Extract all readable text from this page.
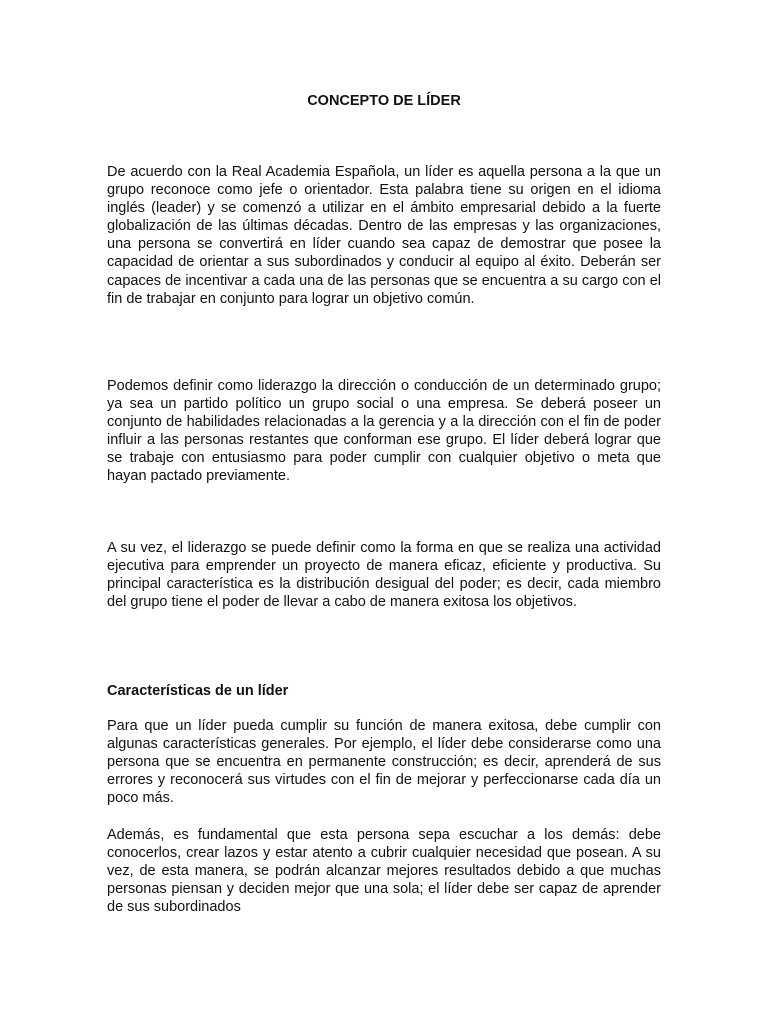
CONCEPTO DE LÍDER

De acuerdo con la Real Academia Española, un líder es aquella persona a la que un grupo reconoce como jefe o orientador. Esta palabra tiene su origen en el idioma inglés (leader) y se comenzó a utilizar en el ámbito empresarial debido a la fuerte globalización de las últimas décadas. Dentro de las empresas y las organizaciones, una persona se convertirá en líder cuando sea capaz de demostrar que posee la capacidad de orientar a sus subordinados y conducir al equipo al éxito. Deberán ser capaces de incentivar a cada una de las personas que se encuentra a su cargo con el fin de trabajar en conjunto para lograr un objetivo común.

Podemos definir como liderazgo la dirección o conducción de un determinado grupo; ya sea un partido político un grupo social o una empresa. Se deberá poseer un conjunto de habilidades relacionadas a la gerencia y a la dirección con el fin de poder influir a las personas restantes que conforman ese grupo. El líder deberá lograr que se trabaje con entusiasmo para poder cumplir con cualquier objetivo o meta que hayan pactado previamente.

A su vez, el liderazgo se puede definir como la forma en que se realiza una actividad ejecutiva para emprender un proyecto de manera eficaz, eficiente y productiva. Su principal característica es la distribución desigual del poder; es decir, cada miembro del grupo tiene el poder de llevar a cabo de manera exitosa los objetivos.

Características de un líder

Para que un líder pueda cumplir su función de manera exitosa, debe cumplir con algunas características generales. Por ejemplo, el líder debe considerarse como una persona que se encuentra en permanente construcción; es decir, aprenderá de sus errores y reconocerá sus virtudes con el fin de mejorar y perfeccionarse cada día un poco más.

Además, es fundamental que esta persona sepa escuchar a los demás: debe conocerlos, crear lazos y estar atento a cubrir cualquier necesidad que posean. A su vez, de esta manera, se podrán alcanzar mejores resultados debido a que muchas personas piensan y deciden mejor que una sola; el líder debe ser capaz de aprender de sus subordinados
